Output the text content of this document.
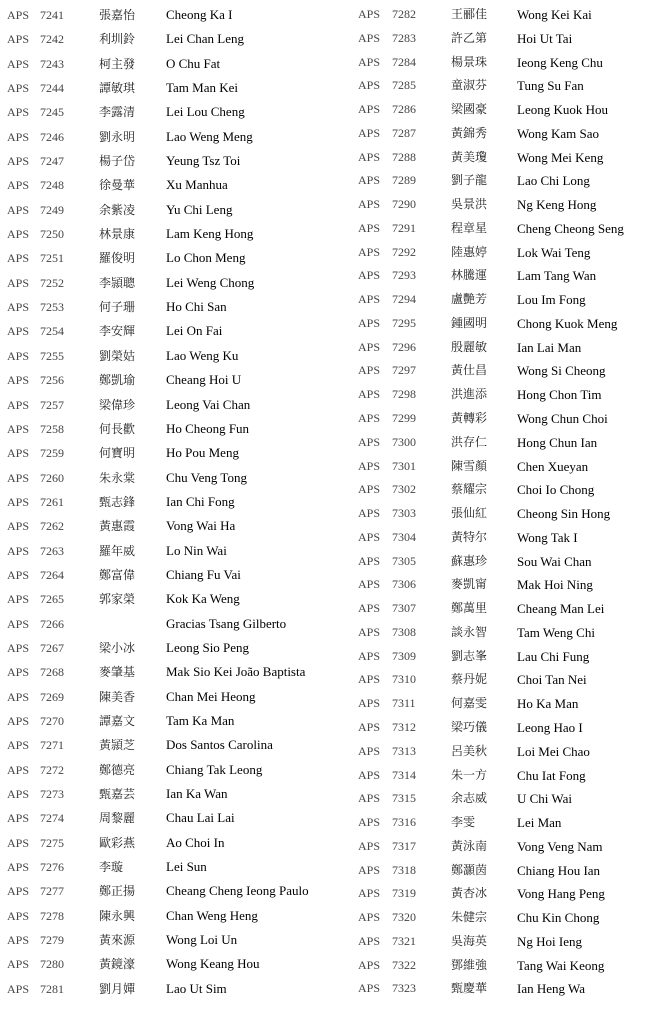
APS 7241	張嘉怡 Cheong Ka I
APS 7242	利圳鈴 Lei Chan Leng
APS 7243	柯主發 O Chu Fat
APS 7244	譚敏琪 Tam Man Kei
APS 7245	李露清 Lei Lou Cheng
APS 7246	劉永明 Lao Weng Meng
APS 7247	楊子岱 Yeung Tsz Toi
APS 7248	徐曼華 Xu Manhua
APS 7249	余紫凌 Yu Chi Leng
APS 7250	林景康 Lam Keng Hong
APS 7251	羅俊明 Lo Chon Meng
APS 7252	李頴聰 Lei Weng Chong
APS 7253	何子珊 Ho Chi San
APS 7254	李安輝 Lei On Fai
APS 7255	劉榮姑 Lao Weng Ku
APS 7256	鄭凱瑜 Cheang Hoi U
APS 7257	梁偉珍 Leong Vai Chan
APS 7258	何長歡 Ho Cheong Fun
APS 7259	何寶明 Ho Pou Meng
APS 7260	朱永棠 Chu Veng Tong
APS 7261	甄志鋒 Ian Chi Fong
APS 7262	黃惠霞 Vong Wai Ha
APS 7263	羅年威 Lo Nin Wai
APS 7264	鄭富偉 Chiang Fu Vai
APS 7265	郭家榮 Kok Ka Weng
APS 7266	Gracias Tsang Gilberto
APS 7267	梁小冰 Leong Sio Peng
APS 7268	麥肇基 Mak Sio Kei João Baptista
APS 7269	陳美香 Chan Mei Heong
APS 7270	譚嘉文 Tam Ka Man
APS 7271	黃頴芝 Dos Santos Carolina
APS 7272	鄭德亮 Chiang Tak Leong
APS 7273	甄嘉芸 Ian Ka Wan
APS 7274	周黎麗 Chau Lai Lai
APS 7275	歐彩燕 Ao Choi In
APS 7276	李璇	Lei Sun
APS 7277	鄭正揚 Cheang Cheng Ieong Paulo
APS 7278	陳永興 Chan Weng Heng
APS 7279	黃來源 Wong Loi Un
APS 7280	黃鏡濠 Wong Keang Hou
APS 7281	劉月嬋 Lao Ut Sim
APS 7282	王郦佳 Wong Kei Kai
APS 7283	許乙第 Hoi Ut Tai
APS 7284	楊景珠 Ieong Keng Chu
APS 7285	童淑芬 Tung Su Fan
APS 7286	梁國豪 Leong Kuok Hou
APS 7287	黃錦秀 Wong Kam Sao
APS 7288	黃美瓊 Wong Mei Keng
APS 7289	劉子龍 Lao Chi Long
APS 7290	吳景洪 Ng Keng Hong
APS 7291	程章星 Cheng Cheong Seng
APS 7292	陸惠婷 Lok Wai Teng
APS 7293	林騰運 Lam Tang Wan
APS 7294	盧艷芳 Lou Im Fong
APS 7295	鍾國明 Chong Kuok Meng
APS 7296	殷麗敏 Ian Lai Man
APS 7297	黃仕昌 Wong Si Cheong
APS 7298	洪進添 Hong Chon Tim
APS 7299	黃轉彩 Wong Chun Choi
APS 7300	洪存仁 Hong Chun Ian
APS 7301	陳雪顏 Chen Xueyan
APS 7302	蔡耀宗 Choi Io Chong
APS 7303	張仙紅 Cheong Sin Hong
APS 7304	黃特尔 Wong Tak I
APS 7305	蘇惠珍 Sou Wai Chan
APS 7306	麥凱甯 Mak Hoi Ning
APS 7307	鄭萬里 Cheang Man Lei
APS 7308	談永智 Tam Weng Chi
APS 7309	劉志峯 Lau Chi Fung
APS 7310	蔡丹妮 Choi Tan Nei
APS 7311	何嘉雯 Ho Ka Man
APS 7312	梁巧儀 Leong Hao I
APS 7313	呂美秋 Loi Mei Chao
APS 7314	朱一方 Chu Iat Fong
APS 7315	余志威 U Chi Wai
APS 7316	李雯	Lei Man
APS 7317	黃泳南 Vong Veng Nam
APS 7318	鄭灝茵 Chiang Hou Ian
APS 7319	黃杏冰 Vong Hang Peng
APS 7320	朱健宗 Chu Kin Chong
APS 7321	吳海英 Ng Hoi Ieng
APS 7322	鄧維強 Tang Wai Keong
APS 7323	甄慶華 Ian Heng Wa
